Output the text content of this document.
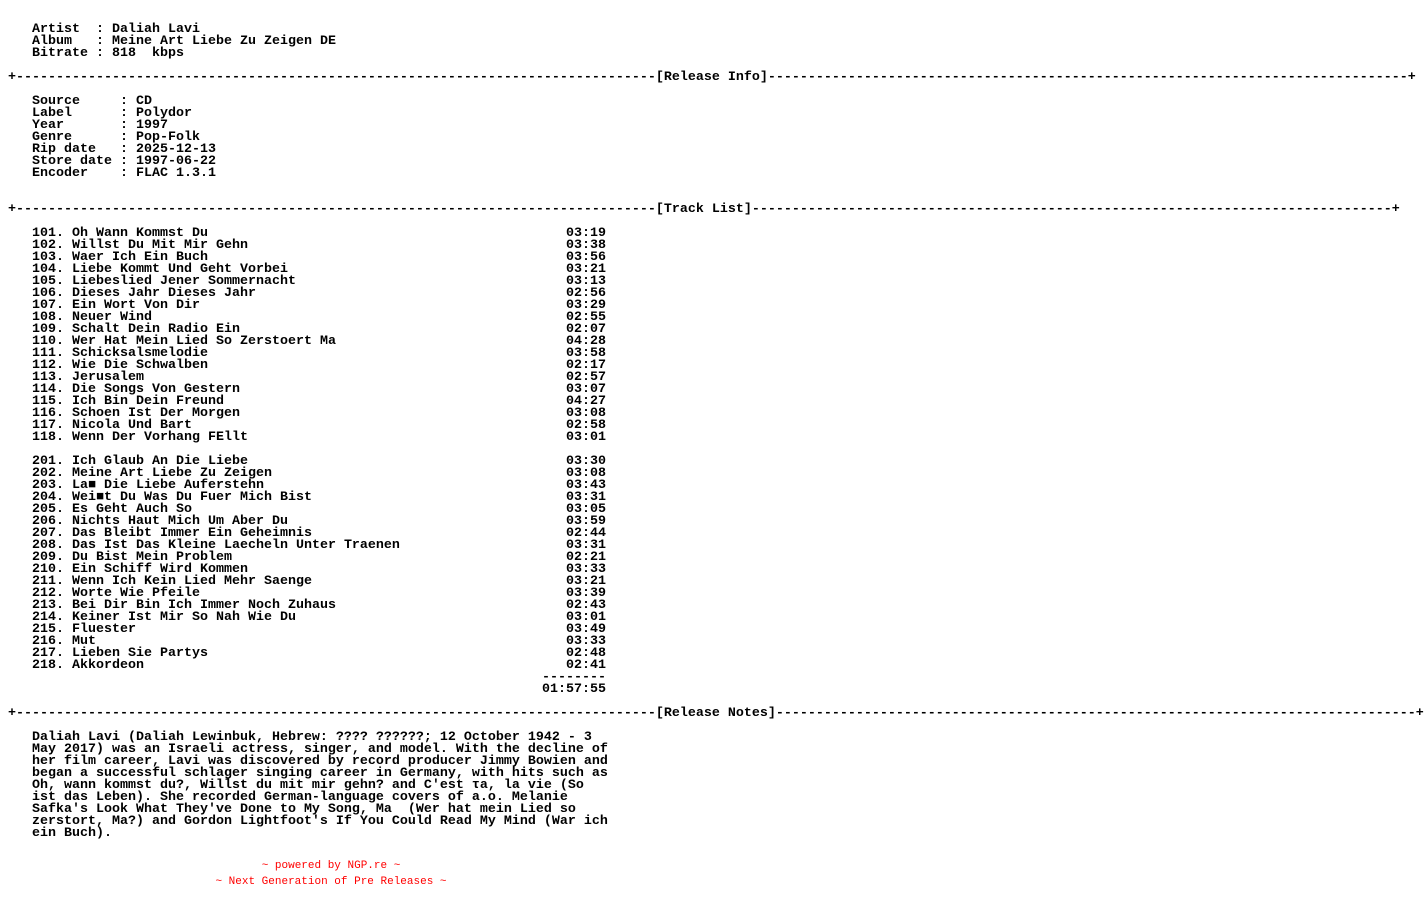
Artist  : Daliah Lavi
Album   : Meine Art Liebe Zu Zeigen DE
Bitrate : 818  kbps

+ -------------------------------------------------------------------------------- [Release Info] -------------------------------------------------------------------------------- +

Source     : CD
Label      : Polydor
Year       : 1997
Genre      : Pop-Folk
Rip date   : 2025-12-13
Store date : 1997-06-22
Encoder    : FLAC 1.3.1

+ -------------------------------------------------------------------------------- [Track List] -------------------------------------------------------------------------------- +

101. Oh Wann Kommst Du	03:19
102. Willst Du Mit Mir Gehn	03:38
103. Waer Ich Ein Buch	03:56
104. Liebe Kommt Und Geht Vorbei	03:21
105. Liebeslied Jener Sommernacht	03:13
106. Dieses Jahr Dieses Jahr	02:56
107. Ein Wort Von Dir	03:29
108. Neuer Wind	02:55
109. Schalt Dein Radio Ein	02:07
110. Wer Hat Mein Lied So Zerstoert Ma	04:28
111. Schicksalsmelodie	03:58
112. Wie Die Schwalben	02:17
113. Jerusalem	02:57
114. Die Songs Von Gestern	03:07
115. Ich Bin Dein Freund	04:27
116. Schoen Ist Der Morgen	03:08
117. Nicola Und Bart	02:58
118. Wenn Der Vorhang FEllt	03:01

201. Ich Glaub An Die Liebe	03:30
202. Meine Art Liebe Zu Zeigen	03:08
203. La■ Die Liebe Auferstehn	03:43
204. Wei■t Du Was Du Fuer Mich Bist	03:31
205. Es Geht Auch So	03:05
206. Nichts Haut Mich Um Aber Du	03:59
207. Das Bleibt Immer Ein Geheimnis	02:44
208. Das Ist Das Kleine Laecheln Unter Traenen	03:31
209. Du Bist Mein Problem	02:21
210. Ein Schiff Wird Kommen	03:33
211. Wenn Ich Kein Lied Mehr Saenge	03:21
212. Worte Wie Pfeile	03:39
213. Bei Dir Bin Ich Immer Noch Zuhaus	02:43
214. Keiner Ist Mir So Nah Wie Du	03:01
215. Fluester	03:49
216. Mut	03:33
217. Lieben Sie Partys	02:48
218. Akkordeon	02:41
--------
01:57:55

+ -------------------------------------------------------------------------------- [Release Notes] -------------------------------------------------------------------------------- +

Daliah Lavi (Daliah Lewinbuk, Hebrew: ???? ??????; 12 October 1942 - 3
May 2017) was an Israeli actress, singer, and model. With the decline of
her film career, Lavi was discovered by record producer Jimmy Bowien and
began a successful schlager singing career in Germany, with hits such as
Oh, wann kommst du?, Willst du mit mir gehn? and C'est τa, la vie (So
ist das Leben). She recorded German-language covers of a.o. Melanie
Safka's Look What They've Done to My Song, Ma  (Wer hat mein Lied so
zerstort, Ma?) and Gordon Lightfoot's If You Could Read My Mind (War ich
ein Buch).
~ powered by NGP.re ~
~ Next Generation of Pre Releases ~
